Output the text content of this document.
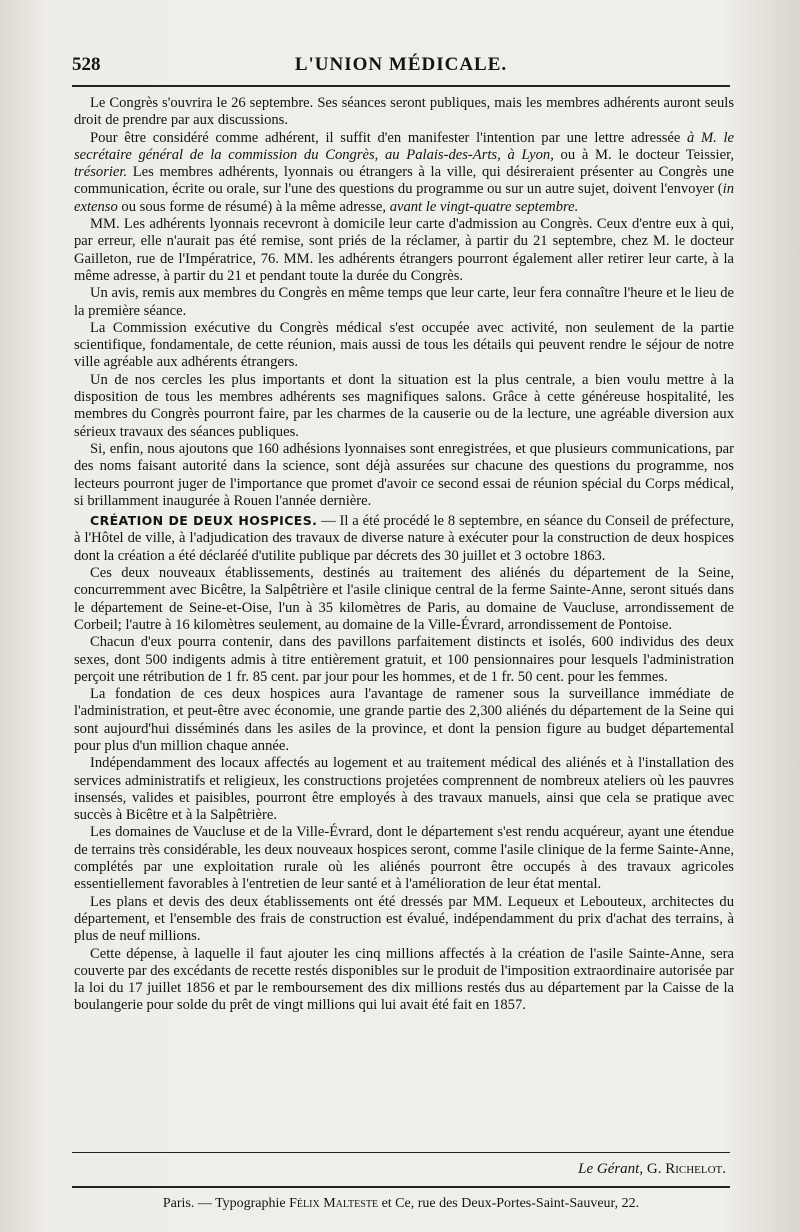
528	L'UNION MÉDICALE.

Le Congrès s'ouvrira le 26 septembre. Ses séances seront publiques, mais les membres adhérents auront seuls droit de prendre par aux discussions.

Pour être considéré comme adhérent, il suffit d'en manifester l'intention par une lettre adressée à M. le secrétaire général de la commission du Congrès, au Palais-des-Arts, à Lyon, ou à M. le docteur Teissier, trésorier. Les membres adhérents, lyonnais ou étrangers à la ville, qui désireraient présenter au Congrès une communication, écrite ou orale, sur l'une des questions du programme ou sur un autre sujet, doivent l'envoyer (in extenso ou sous forme de résumé) à la même adresse, avant le vingt-quatre septembre.

MM. Les adhérents lyonnais recevront à domicile leur carte d'admission au Congrès. Ceux d'entre eux à qui, par erreur, elle n'aurait pas été remise, sont priés de la réclamer, à partir du 21 septembre, chez M. le docteur Gailleton, rue de l'Impératrice, 76. MM. les adhérents étrangers pourront également aller retirer leur carte, à la même adresse, à partir du 21 et pendant toute la durée du Congrès.

Un avis, remis aux membres du Congrès en même temps que leur carte, leur fera connaître l'heure et le lieu de la première séance.

La Commission exécutive du Congrès médical s'est occupée avec activité, non seulement de la partie scientifique, fondamentale, de cette réunion, mais aussi de tous les détails qui peuvent rendre le séjour de notre ville agréable aux adhérents étrangers.

Un de nos cercles les plus importants et dont la situation est la plus centrale, a bien voulu mettre à la disposition de tous les membres adhérents ses magnifiques salons. Grâce à cette généreuse hospitalité, les membres du Congrès pourront faire, par les charmes de la causerie ou de la lecture, une agréable diversion aux sérieux travaux des séances publiques.

Si, enfin, nous ajoutons que 160 adhésions lyonnaises sont enregistrées, et que plusieurs communications, par des noms faisant autorité dans la science, sont déjà assurées sur chacune des questions du programme, nos lecteurs pourront juger de l'importance que promet d'avoir ce second essai de réunion spécial du Corps médical, si brillamment inaugurée à Rouen l'année dernière.

CRÉATION DE DEUX HOSPICES. — Il a été procédé le 8 septembre, en séance du Conseil de préfecture, à l'Hôtel de ville, à l'adjudication des travaux de diverse nature à exécuter pour la construction de deux hospices dont la création a été déclaréé d'utilite publique par décrets des 30 juillet et 3 octobre 1863.

Ces deux nouveaux établissements, destinés au traitement des aliénés du département de la Seine, concurremment avec Bicêtre, la Salpêtrière et l'asile clinique central de la ferme Sainte-Anne, seront situés dans le département de Seine-et-Oise, l'un à 35 kilomètres de Paris, au domaine de Vaucluse, arrondissement de Corbeil; l'autre à 16 kilomètres seulement, au domaine de la Ville-Évrard, arrondissement de Pontoise.

Chacun d'eux pourra contenir, dans des pavillons parfaitement distincts et isolés, 600 individus des deux sexes, dont 500 indigents admis à titre entièrement gratuit, et 100 pensionnaires pour lesquels l'administration perçoit une rétribution de 1 fr. 85 cent. par jour pour les hommes, et de 1 fr. 50 cent. pour les femmes.

La fondation de ces deux hospices aura l'avantage de ramener sous la surveillance immédiate de l'administration, et peut-être avec économie, une grande partie des 2,300 aliénés du département de la Seine qui sont aujourd'hui disséminés dans les asiles de la province, et dont la pension figure au budget départemental pour plus d'un million chaque année.

Indépendamment des locaux affectés au logement et au traitement médical des aliénés et à l'installation des services administratifs et religieux, les constructions projetées comprennent de nombreux ateliers où les pauvres insensés, valides et paisibles, pourront être employés à des travaux manuels, ainsi que cela se pratique avec succès à Bicêtre et à la Salpêtrière.

Les domaines de Vaucluse et de la Ville-Évrard, dont le département s'est rendu acquéreur, ayant une étendue de terrains très considérable, les deux nouveaux hospices seront, comme l'asile clinique de la ferme Sainte-Anne, complétés par une exploitation rurale où les aliénés pourront être occupés à des travaux agricoles essentiellement favorables à l'entretien de leur santé et à l'amélioration de leur état mental.

Les plans et devis des deux établissements ont été dressés par MM. Lequeux et Lebouteux, architectes du département, et l'ensemble des frais de construction est évalué, indépendamment du prix d'achat des terrains, à plus de neuf millions.

Cette dépense, à laquelle il faut ajouter les cinq millions affectés à la création de l'asile Sainte-Anne, sera couverte par des excédants de recette restés disponibles sur le produit de l'imposition extraordinaire autorisée par la loi du 17 juillet 1856 et par le remboursement des dix millions restés dus au département par la Caisse de la boulangerie pour solde du prêt de vingt millions qui lui avait été fait en 1857.

Le Gérant, G. Richelot.
Paris. — Typographie Félix Malteste et Ce, rue des Deux-Portes-Saint-Sauveur, 22.
